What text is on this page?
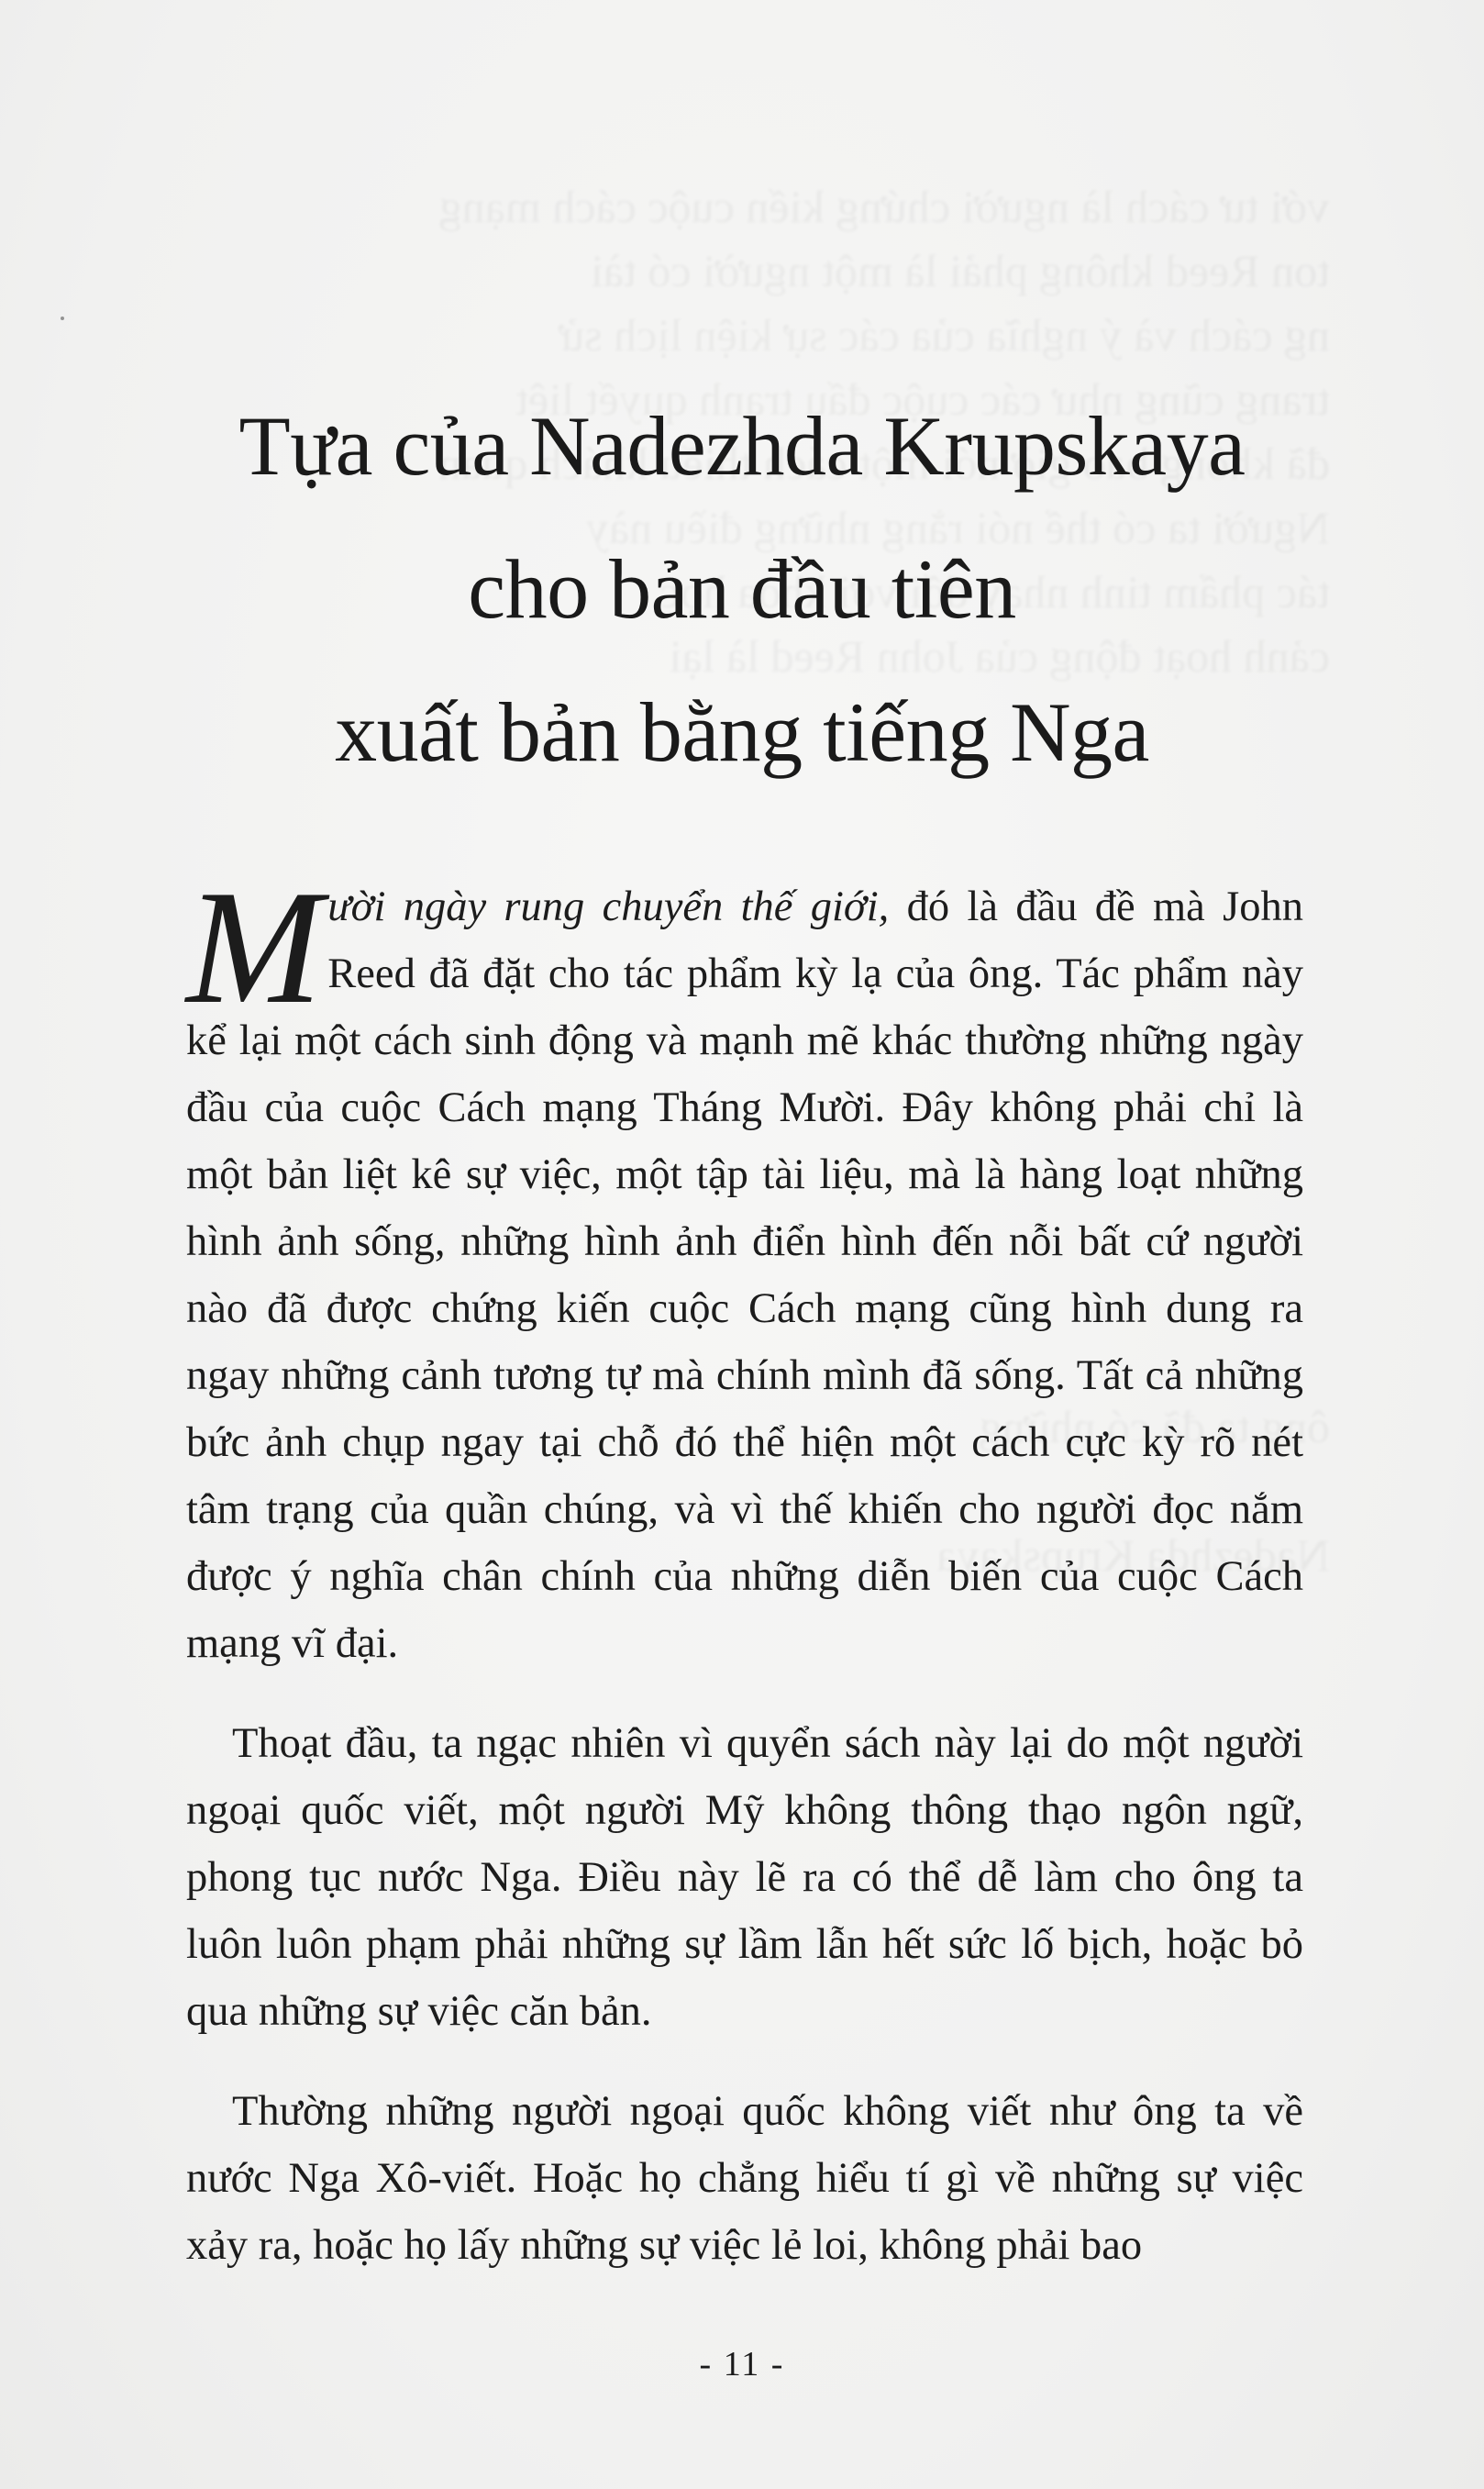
Tựa của Nadezhda Krupskaya
cho bản đầu tiên
xuất bản bằng tiếng Nga

Mười ngày rung chuyển thế giới, đó là đầu đề mà John Reed đã đặt cho tác phẩm kỳ lạ của ông. Tác phẩm này kể lại một cách sinh động và mạnh mẽ khác thường những ngày đầu của cuộc Cách mạng Tháng Mười. Đây không phải chỉ là một bản liệt kê sự việc, một tập tài liệu, mà là hàng loạt những hình ảnh sống, những hình ảnh điển hình đến nỗi bất cứ người nào đã được chứng kiến cuộc Cách mạng cũng hình dung ra ngay những cảnh tương tự mà chính mình đã sống. Tất cả những bức ảnh chụp ngay tại chỗ đó thể hiện một cách cực kỳ rõ nét tâm trạng của quần chúng, và vì thế khiến cho người đọc nắm được ý nghĩa chân chính của những diễn biến của cuộc Cách mạng vĩ đại.

Thoạt đầu, ta ngạc nhiên vì quyển sách này lại do một người ngoại quốc viết, một người Mỹ không thông thạo ngôn ngữ, phong tục nước Nga. Điều này lẽ ra có thể dễ làm cho ông ta luôn luôn phạm phải những sự lầm lẫn hết sức lố bịch, hoặc bỏ qua những sự việc căn bản.

Thường những người ngoại quốc không viết như ông ta về nước Nga Xô-viết. Hoặc họ chẳng hiểu tí gì về những sự việc xảy ra, hoặc họ lấy những sự việc lẻ loi, không phải bao

- 11 -
